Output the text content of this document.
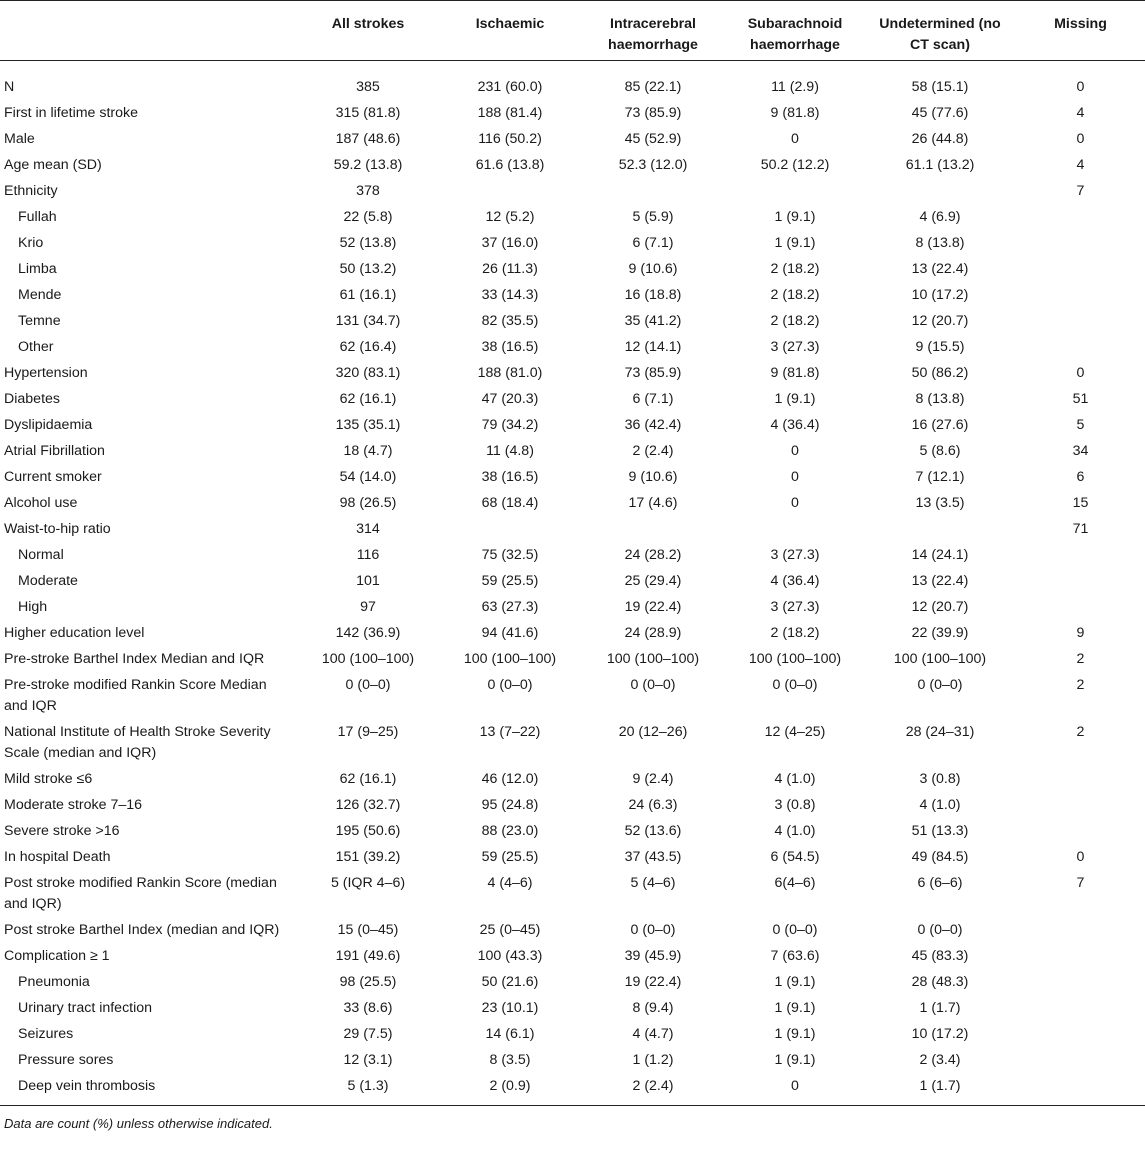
	All strokes	Ischaemic	Intracerebral haemorrhage	Subarachnoid haemorrhage	Undetermined (no CT scan)	Missing
N	385	231 (60.0)	85 (22.1)	11 (2.9)	58 (15.1)	0
First in lifetime stroke	315 (81.8)	188 (81.4)	73 (85.9)	9 (81.8)	45 (77.6)	4
Male	187 (48.6)	116 (50.2)	45 (52.9)	0	26 (44.8)	0
Age mean (SD)	59.2 (13.8)	61.6 (13.8)	52.3 (12.0)	50.2 (12.2)	61.1 (13.2)	4
Ethnicity	378					7
Fullah	22 (5.8)	12 (5.2)	5 (5.9)	1 (9.1)	4 (6.9)	
Krio	52 (13.8)	37 (16.0)	6 (7.1)	1 (9.1)	8 (13.8)	
Limba	50 (13.2)	26 (11.3)	9 (10.6)	2 (18.2)	13 (22.4)	
Mende	61 (16.1)	33 (14.3)	16 (18.8)	2 (18.2)	10 (17.2)	
Temne	131 (34.7)	82 (35.5)	35 (41.2)	2 (18.2)	12 (20.7)	
Other	62 (16.4)	38 (16.5)	12 (14.1)	3 (27.3)	9 (15.5)	
Hypertension	320 (83.1)	188 (81.0)	73 (85.9)	9 (81.8)	50 (86.2)	0
Diabetes	62 (16.1)	47 (20.3)	6 (7.1)	1 (9.1)	8 (13.8)	51
Dyslipidaemia	135 (35.1)	79 (34.2)	36 (42.4)	4 (36.4)	16 (27.6)	5
Atrial Fibrillation	18 (4.7)	11 (4.8)	2 (2.4)	0	5 (8.6)	34
Current smoker	54 (14.0)	38 (16.5)	9 (10.6)	0	7 (12.1)	6
Alcohol use	98 (26.5)	68 (18.4)	17 (4.6)	0	13 (3.5)	15
Waist-to-hip ratio	314					71
Normal	116	75 (32.5)	24 (28.2)	3 (27.3)	14 (24.1)	
Moderate	101	59 (25.5)	25 (29.4)	4 (36.4)	13 (22.4)	
High	97	63 (27.3)	19 (22.4)	3 (27.3)	12 (20.7)	
Higher education level	142 (36.9)	94 (41.6)	24 (28.9)	2 (18.2)	22 (39.9)	9
Pre-stroke Barthel Index Median and IQR	100 (100–100)	100 (100–100)	100 (100–100)	100 (100–100)	100 (100–100)	2
Pre-stroke modified Rankin Score Median and IQR	0 (0–0)	0 (0–0)	0 (0–0)	0 (0–0)	0 (0–0)	2
National Institute of Health Stroke Severity Scale (median and IQR)	17 (9–25)	13 (7–22)	20 (12–26)	12 (4–25)	28 (24–31)	2
Mild stroke ≤6	62 (16.1)	46 (12.0)	9 (2.4)	4 (1.0)	3 (0.8)	
Moderate stroke 7–16	126 (32.7)	95 (24.8)	24 (6.3)	3 (0.8)	4 (1.0)	
Severe stroke >16	195 (50.6)	88 (23.0)	52 (13.6)	4 (1.0)	51 (13.3)	
In hospital Death	151 (39.2)	59 (25.5)	37 (43.5)	6 (54.5)	49 (84.5)	0
Post stroke modified Rankin Score (median and IQR)	5 (IQR 4–6)	4 (4–6)	5 (4–6)	6(4–6)	6 (6–6)	7
Post stroke Barthel Index (median and IQR)	15 (0–45)	25 (0–45)	0 (0–0)	0 (0–0)	0 (0–0)	
Complication ≥ 1	191 (49.6)	100 (43.3)	39 (45.9)	7 (63.6)	45 (83.3)	
Pneumonia	98 (25.5)	50 (21.6)	19 (22.4)	1 (9.1)	28 (48.3)	
Urinary tract infection	33 (8.6)	23 (10.1)	8 (9.4)	1 (9.1)	1 (1.7)	
Seizures	29 (7.5)	14 (6.1)	4 (4.7)	1 (9.1)	10 (17.2)	
Pressure sores	12 (3.1)	8 (3.5)	1 (1.2)	1 (9.1)	2 (3.4)	
Deep vein thrombosis	5 (1.3)	2 (0.9)	2 (2.4)	0	1 (1.7)	
Data are count (%) unless otherwise indicated.
